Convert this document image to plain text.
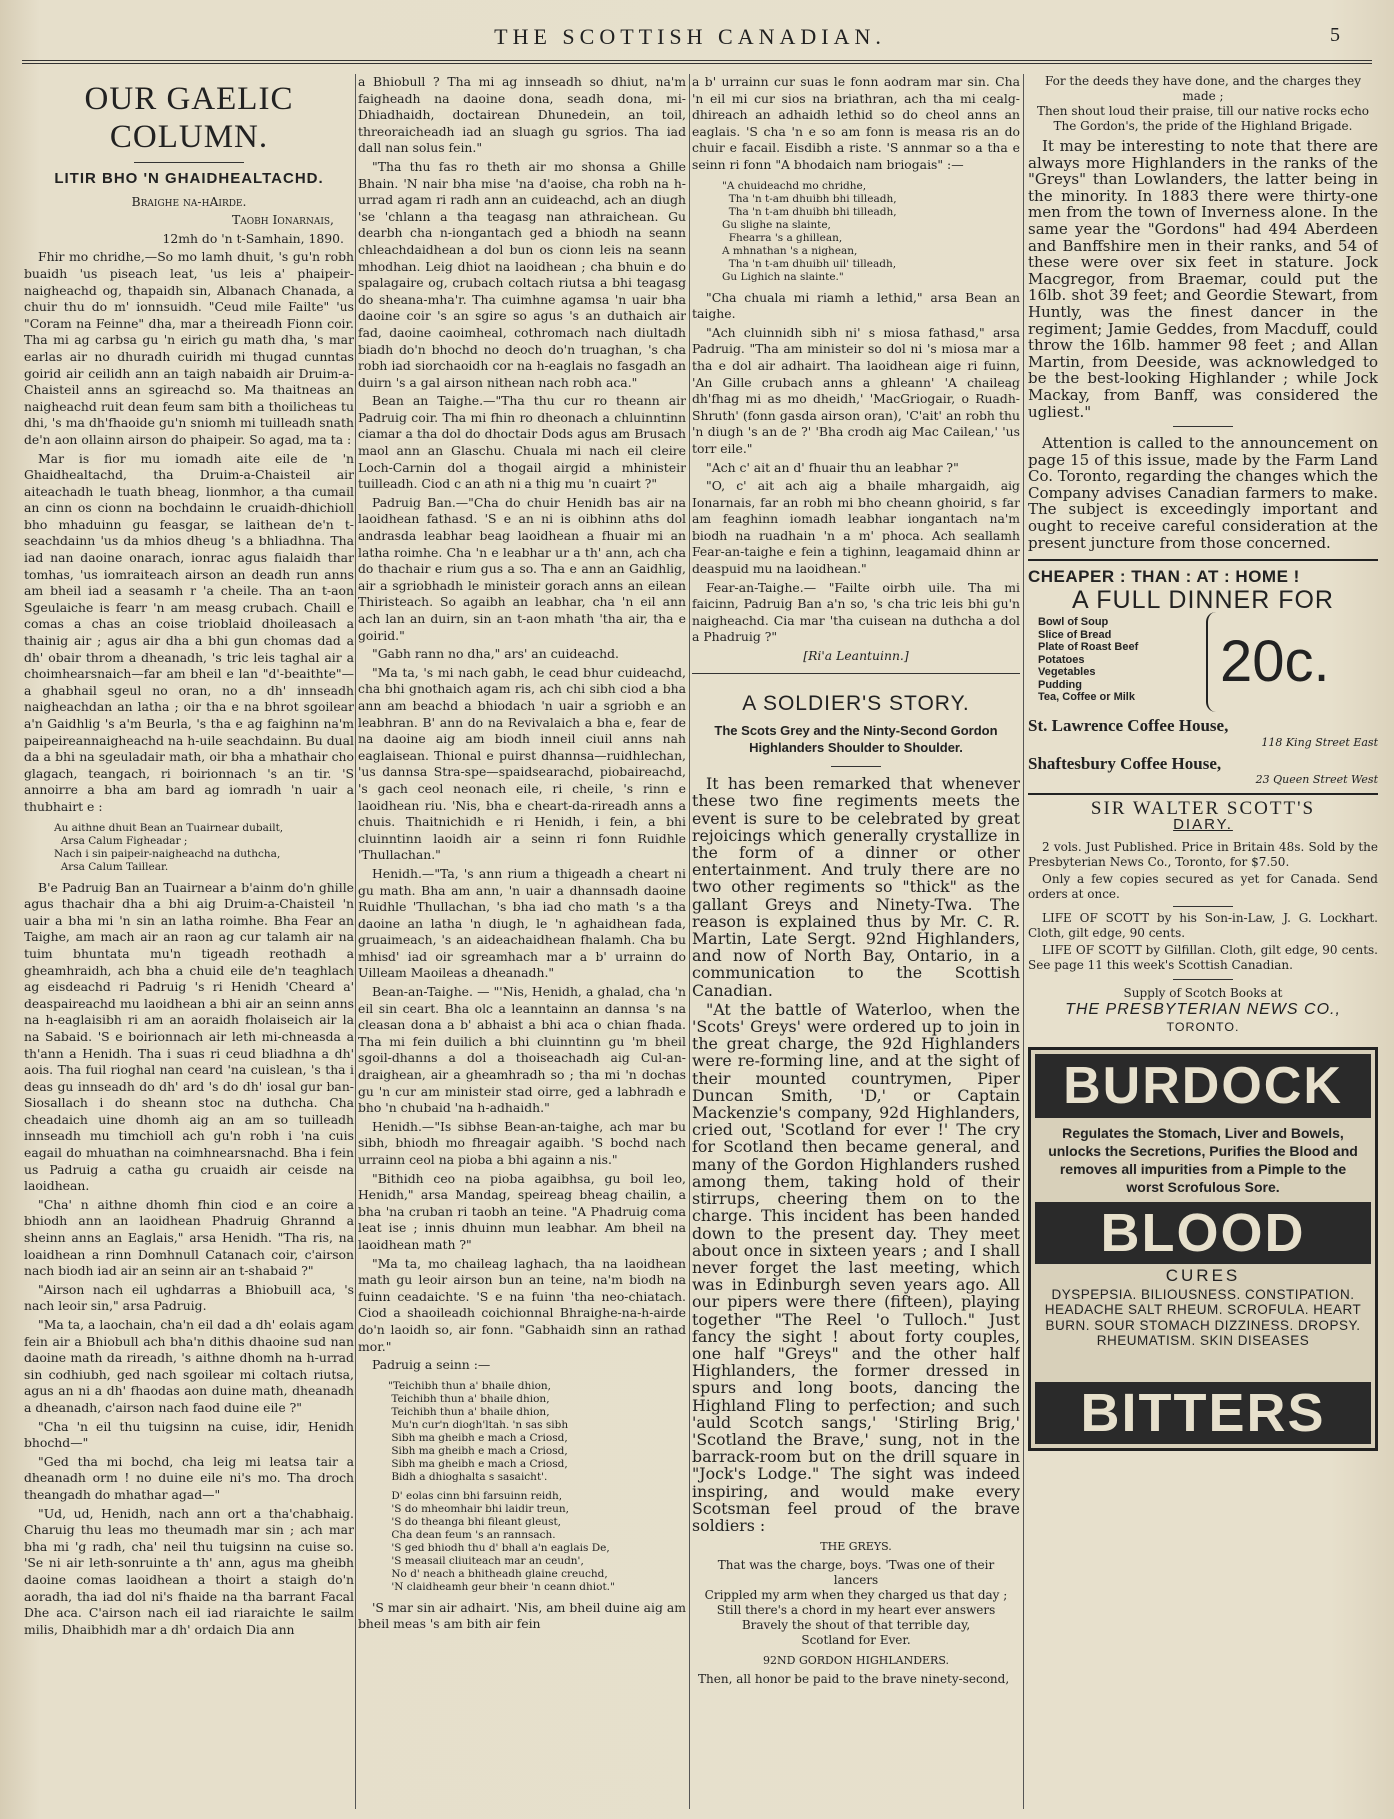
THE SCOTTISH CANADIAN.	5
OUR GAELIC COLUMN.
LITIR BHO 'N GHAIDHEALTACHD.

Braighe na-hAirde.

Taobh Ionarnais,

12mh do 'n t-Samhain, 1890.

Fhir mo chridhe,—So mo lamh dhuit, 's gu'n robh buaidh 'us piseach leat, 'us leis a' phaipeir-naigheachd og, thapaidh sin, Albanach Chanada, a chuir thu do m' ionnsuidh. "Ceud mile Failte" 'us "Coram na Feinne" dha, mar a theireadh Fionn coir. Tha mi ag carbsa gu 'n eirich gu math dha, 's mar earlas air no dhuradh cuiridh mi thugad cunntas goirid air ceilidh ann an taigh nabaidh air Druim-a-Chaisteil anns an sgireachd so. Ma thaitneas an naigheachd ruit dean feum sam bith a thoilicheas tu dhi, 's ma dh'fhaoide gu'n sniomh mi tuilleadh snath de'n aon ollainn airson do phaipeir. So agad, ma ta :

Mar is fior mu iomadh aite eile de 'n Ghaidhealtachd, tha Druim-a-Chaisteil air aiteachadh le tuath bheag, lionmhor, a tha cumail an cinn os cionn na bochdainn le cruaidh-dhichioll bho mhaduinn gu feasgar, se laithean de'n t-seachdainn 'us da mhios dheug 's a bhliadhna. Tha iad nan daoine onarach, ionrac agus fialaidh thar tomhas, 'us iomraiteach airson an deadh run anns am bheil iad a seasamh r 'a cheile. Tha an t-aon Sgeulaiche is fearr 'n am measg crubach. Chaill e comas a chas an coise trioblaid dhoileasach a thainig air ; agus air dha a bhi gun chomas dad a dh' obair throm a dheanadh, 's tric leis taghal air a choimhearsnaich—far am bheil e lan "d'-beaithte"—a ghabhail sgeul no oran, no a dh' innseadh naigheachdan an latha ; oir tha e na bhrot sgoilear a'n Gaidhlig 's a'm Beurla, 's tha e ag faighinn na'm paipeireannaigheachd na h-uile seachdainn. Bu dual da a bhi na sgeuladair math, oir bha a mhathair cho glagach, teangach, ri boirionnach 's an tir. 'S annoirre a bha am bard ag iomradh 'n uair a thubhairt e :

Au aithne dhuit Bean an Tuairnear dubailt,
Arsa Calum Figheadar ;
Nach i sin paipeir-naigheachd na duthcha,
Arsa Calum Taillear.

B'e Padruig Ban an Tuairnear a b'ainm do'n ghille agus thachair dha a bhi aig Druim-a-Chaisteil 'n uair a bha mi 'n sin an latha roimhe. Bha Fear an Taighe, am mach air an raon ag cur talamh air na tuim bhuntata mu'n tigeadh reothadh a gheamhraidh, ach bha a chuid eile de'n teaghlach ag eisdeachd ri Padruig 's ri Henidh 'Cheard a' deaspaireachd mu laoidhean a bhi air an seinn anns na h-eaglaisibh ri am an aoraidh fholaiseich air la na Sabaid. 'S e boirionnach air leth mi-chneasda a th'ann a Henidh. Tha i suas ri ceud bliadhna a dh' aois. Tha fuil rioghal nan ceard 'na cuislean, 's tha i deas gu innseadh do dh' ard 's do dh' iosal gur ban-Siosallach i do sheann stoc na duthcha. Cha cheadaich uine dhomh aig an am so tuilleadh innseadh mu timchioll ach gu'n robh i 'na cuis eagail do mhuathan na coimhnearsnachd. Bha i fein us Padruig a catha gu cruaidh air ceisde na laoidhean.

"Cha' n aithne dhomh fhin ciod e an coire a bhiodh ann an laoidhean Phadruig Ghrannd a sheinn anns an Eaglais," arsa Henidh. "Tha ris, na loaidhean a rinn Domhnull Catanach coir, c'airson nach biodh iad air an seinn air an t-shabaid ?"

"Airson nach eil ughdarras a Bhiobuill aca, 's nach leoir sin," arsa Padruig.

"Ma ta, a laochain, cha'n eil dad a dh' eolais agam fein air a Bhiobull ach bha'n dithis dhaoine sud nan daoine math da rireadh, 's aithne dhomh na h-urrad sin codhiubh, ged nach sgoilear mi coltach riutsa, agus an ni a dh' fhaodas aon duine math, dheanadh a dheanadh, c'airson nach faod duine eile ?"

"Cha 'n eil thu tuigsinn na cuise, idir, Henidh bhochd—"

"Ged tha mi bochd, cha leig mi leatsa tair a dheanadh orm ! no duine eile ni's mo. Tha droch theangadh do mhathar agad—"

"Ud, ud, Henidh, nach ann ort a tha'chabhaig. Charuig thu leas mo theumadh mar sin ; ach mar bha mi 'g radh, cha' neil thu tuigsinn na cuise so. 'Se ni air leth-sonruinte a th' ann, agus ma gheibh daoine comas laoidhean a thoirt a staigh do'n aoradh, tha iad dol ni's fhaide na tha barrant Facal Dhe aca. C'airson nach eil iad riaraichte le sailm milis, Dhaibhidh mar a dh' ordaich Dia ann

a Bhiobull ? Tha mi ag innseadh so dhiut, na'm faigheadh na daoine dona, seadh dona, mi-Dhiadhaidh, doctairean Dhunedein, an toil, threoraicheadh iad an sluagh gu sgrios. Tha iad dall nan solus fein."

"Tha thu fas ro theth air mo shonsa a Ghille Bhain. 'N nair bha mise 'na d'aoise, cha robh na h-urrad agam ri radh ann an cuideachd, ach an diugh 'se 'chlann a tha teagasg nan athraichean. Gu dearbh cha n-iongantach ged a bhiodh na seann chleachdaidhean a dol bun os cionn leis na seann mhodhan. Leig dhiot na laoidhean ; cha bhuin e do spalagaire og, crubach coltach riutsa a bhi teagasg do sheana-mha'r. Tha cuimhne agamsa 'n uair bha daoine coir 's an sgire so agus 's an duthaich air fad, daoine caoimheal, cothromach nach diultadh biadh do'n bhochd no deoch do'n truaghan, 's cha robh iad siorchaoidh cor na h-eaglais no fasgadh an duirn 's a gal airson nithean nach robh aca."

Bean an Taighe.—"Tha thu cur ro theann air Padruig coir. Tha mi fhin ro dheonach a chluinntinn ciamar a tha dol do dhoctair Dods agus am Brusach maol ann an Glaschu. Chuala mi nach eil cleire Loch-Carnin dol a thogail airgid a mhinisteir tuilleadh. Ciod c an ath ni a thig mu 'n cuairt ?"

Padruig Ban.—"Cha do chuir Henidh bas air na laoidhean fathasd. 'S e an ni is oibhinn aths dol andrasda leabhar beag laoidhean a fhuair mi an latha roimhe. Cha 'n e leabhar ur a th' ann, ach cha do thachair e rium gus a so. Tha e ann an Gaidhlig, air a sgriobhadh le ministeir gorach anns an eilean Thiristeach. So agaibh an leabhar, cha 'n eil ann ach lan an duirn, sin an t-aon mhath 'tha air, tha e goirid."

"Gabh rann no dha," ars' an cuideachd.

"Ma ta, 's mi nach gabh, le cead bhur cuideachd, cha bhi gnothaich agam ris, ach chi sibh ciod a bha ann am beachd a bhiodach 'n uair a sgriobh e an leabhran. B' ann do na Revivalaich a bha e, fear de na daoine aig am biodh inneil ciuil anns nah eaglaisean. Thional e puirst dhannsa—ruidhlechan, 'us dannsa Stra-spe—spaidsearachd, piobaireachd, 's gach ceol neonach eile, ri cheile, 's rinn e laoidhean riu. 'Nis, bha e cheart-da-rireadh anns a chuis. Thaitnichidh e ri Henidh, i fein, a bhi cluinntinn laoidh air a seinn ri fonn Ruidhle 'Thullachan."

Henidh.—"Ta, 's ann rium a thigeadh a cheart ni gu math. Bha am ann, 'n uair a dhannsadh daoine Ruidhle 'Thullachan, 's bha iad cho math 's a tha daoine an latha 'n diugh, le 'n aghaidhean fada, gruaimeach, 's an aideachaidhean fhalamh. Cha bu mhisd' iad oir sgreamhach mar a b' urrainn do Uilleam Maoileas a dheanadh."

Bean-an-Taighe. — "'Nis, Henidh, a ghalad, cha 'n eil sin ceart. Bha olc a leanntainn an dannsa 's na cleasan dona a b' abhaist a bhi aca o chian fhada. Tha mi fein duilich a bhi cluinntinn gu 'm bheil sgoil-dhanns a dol a thoiseachadh aig Cul-an-draighean, air a gheamhradh so ; tha mi 'n dochas gu 'n cur am ministeir stad oirre, ged a labhradh e bho 'n chubaid 'na h-adhaidh."

Henidh.—"Is sibhse Bean-an-taighe, ach mar bu sibh, bhiodh mo fhreagair agaibh. 'S bochd nach urrainn ceol na pioba a bhi againn a nis."

"Bithidh ceo na pioba agaibhsa, gu boil leo, Henidh," arsa Mandag, speireag bheag chailin, a bha 'na cruban ri taobh an teine. "A Phadruig coma leat ise ; innis dhuinn mun leabhar. Am bheil na laoidhean math ?"

"Ma ta, mo chaileag laghach, tha na laoidhean math gu leoir airson bun an teine, na'm biodh na fuinn ceadaichte. 'S e na fuinn 'tha neo-chiatach. Ciod a shaoileadh coichionnal Bhraighe-na-h-airde do'n laoidh so, air fonn. "Gabhaidh sinn an rathad mor."

Padruig a seinn :—

"Teichibh thun a' bhaile dhion,
Teichibh thun a' bhaile dhion,
Teichibh thun a' bhaile dhion,
Mu'n cur'n diogh'ltah. 'n sas sibh
Sibh ma gheibh e mach a Criosd,
Sibh ma gheibh e mach a Criosd,
Sibh ma gheibh e mach a Criosd,
Bidh a dhioghalta s sasaicht'.
D' eolas cinn bhi farsuinn reidh,
'S do mheomhair bhi laidir treun,
'S do theanga bhi fileant gleust,
Cha dean feum 's an rannsach.
'S ged bhiodh thu d' bhall a'n eaglais De,
'S measail cliuiteach mar an ceudn',
No d' neach a bhitheadh glaine creuchd,
'N claidheamh geur bheir 'n ceann dhiot."

'S mar sin air adhairt. 'Nis, am bheil duine aig am bheil meas 's am bith air fein

a b' urrainn cur suas le fonn aodram mar sin. Cha 'n eil mi cur sios na briathran, ach tha mi cealg-dhireach an adhaidh lethid so do cheol anns an eaglais. 'S cha 'n e so am fonn is measa ris an do chuir e facail. Eisdibh a riste. 'S annmar so a tha e seinn ri fonn "A bhodaich nam briogais" :—

"A chuideachd mo chridhe,
Tha 'n t-am dhuibh bhi tilleadh,
Tha 'n t-am dhuibh bhi tilleadh,
Gu slighe na slainte,
Fhearra 's a ghillean,
A mhnathan 's a nighean,
Tha 'n t-am dhuibh uil' tilleadh,
Gu Lighich na slainte."

"Cha chuala mi riamh a lethid," arsa Bean an taighe.

"Ach cluinnidh sibh ni' s miosa fathasd," arsa Padruig. "Tha am ministeir so dol ni 's miosa mar a tha e dol air adhairt. Tha laoidhean aige ri fuinn, 'An Gille crubach anns a ghleann' 'A chaileag dh'fhag mi as mo dheidh,' 'MacGriogair, o Ruadh-Shruth' (fonn gasda airson oran), 'C'ait' an robh thu 'n diugh 's an de ?' 'Bha crodh aig Mac Cailean,' 'us torr eile."

"Ach c' ait an d' fhuair thu an leabhar ?"

"O, c' ait ach aig a bhaile mhargaidh, aig Ionarnais, far an robh mi bho cheann ghoirid, s far am feaghinn iomadh leabhar iongantach na'm biodh na ruadhain 'n a m' phoca. Ach seallamh Fear-an-taighe e fein a tighinn, leagamaid dhinn ar deaspuid mu na laoidhean."

Fear-an-Taighe.— "Failte oirbh uile. Tha mi faicinn, Padruig Ban a'n so, 's cha tric leis bhi gu'n naigheachd. Cia mar 'tha cuisean na duthcha a dol a Phadruig ?"

[Ri'a Leantuinn.]

A SOLDIER'S STORY.
The Scots Grey and the Ninty-Second Gordon Highlanders Shoulder to Shoulder.

It has been remarked that whenever these two fine regiments meets the event is sure to be celebrated by great rejoicings which generally crystallize in the form of a dinner or other entertainment. And truly there are no two other regiments so "thick" as the gallant Greys and Ninety-Twa. The reason is explained thus by Mr. C. R. Martin, Late Sergt. 92nd Highlanders, and now of North Bay, Ontario, in a communication to the Scottish Canadian.

"At the battle of Waterloo, when the 'Scots' Greys' were ordered up to join in the great charge, the 92d Highlanders were re-forming line, and at the sight of their mounted countrymen, Piper Duncan Smith, 'D,' or Captain Mackenzie's company, 92d Highlanders, cried out, 'Scotland for ever !' The cry for Scotland then became general, and many of the Gordon Highlanders rushed among them, taking hold of their stirrups, cheering them on to the charge. This incident has been handed down to the present day. They meet about once in sixteen years ; and I shall never forget the last meeting, which was in Edinburgh seven years ago. All our pipers were there (fifteen), playing together "The Reel 'o Tulloch." Just fancy the sight ! about forty couples, one half "Greys" and the other half Highlanders, the former dressed in spurs and long boots, dancing the Highland Fling to perfection; and such 'auld Scotch sangs,' 'Stirling Brig,' 'Scotland the Brave,' sung, not in the barrack-room but on the drill square in "Jock's Lodge." The sight was indeed inspiring, and would make every Scotsman feel proud of the brave soldiers :

THE GREYS.

That was the charge, boys. 'Twas one of their lancers
Crippled my arm when they charged us that day ;
Still there's a chord in my heart ever answers
Bravely the shout of that terrible day,
Scotland for Ever.

92ND GORDON HIGHLANDERS.

Then, all honor be paid to the brave ninety-second,
For the deeds they have done, and the charges they made ;
Then shout loud their praise, till our native rocks echo
The Gordon's, the pride of the Highland Brigade.

It may be interesting to note that there are always more Highlanders in the ranks of the "Greys" than Lowlanders, the latter being in the minority. In 1883 there were thirty-one men from the town of Inverness alone. In the same year the "Gordons" had 494 Aberdeen and Banffshire men in their ranks, and 54 of these were over six feet in stature. Jock Macgregor, from Braemar, could put the 16lb. shot 39 feet; and Geordie Stewart, from Huntly, was the finest dancer in the regiment; Jamie Geddes, from Macduff, could throw the 16lb. hammer 98 feet ; and Allan Martin, from Deeside, was acknowledged to be the best-looking Highlander ; while Jock Mackay, from Banff, was considered the ugliest."

Attention is called to the announcement on page 15 of this issue, made by the Farm Land Co. Toronto, regarding the changes which the Company advises Canadian farmers to make. The subject is exceedingly important and ought to receive careful consideration at the present juncture from those concerned.

CHEAPER : THAN : AT : HOME !
A FULL DINNER FOR
Bowl of Soup
Slice of Bread
Plate of Roast Beef
Potatoes
Vegetables
Pudding
Tea, Coffee or Milk
20c.
St. Lawrence Coffee House,
118 King Street East
Shaftesbury Coffee House,
23 Queen Street West
SIR WALTER SCOTT'S
DIARY.

2 vols. Just Published. Price in Britain 48s. Sold by the Presbyterian News Co., Toronto, for $7.50.

Only a few copies secured as yet for Canada. Send orders at once.

LIFE OF SCOTT by his Son-in-Law, J. G. Lockhart. Cloth, gilt edge, 90 cents.

LIFE OF SCOTT by Gilfillan. Cloth, gilt edge, 90 cents. See page 11 this week's Scottish Canadian.

Supply of Scotch Books at

THE PRESBYTERIAN NEWS CO.,

TORONTO.

BURDOCK
Regulates the Stomach, Liver and Bowels, unlocks the Secretions, Purifies the Blood and removes all impurities from a Pimple to the worst Scrofulous Sore.
BLOOD
CURES
DYSPEPSIA. BILIOUSNESS. CONSTIPATION. HEADACHE SALT RHEUM. SCROFULA. HEART BURN. SOUR STOMACH DIZZINESS. DROPSY. RHEUMATISM. SKIN DISEASES
BITTERS
